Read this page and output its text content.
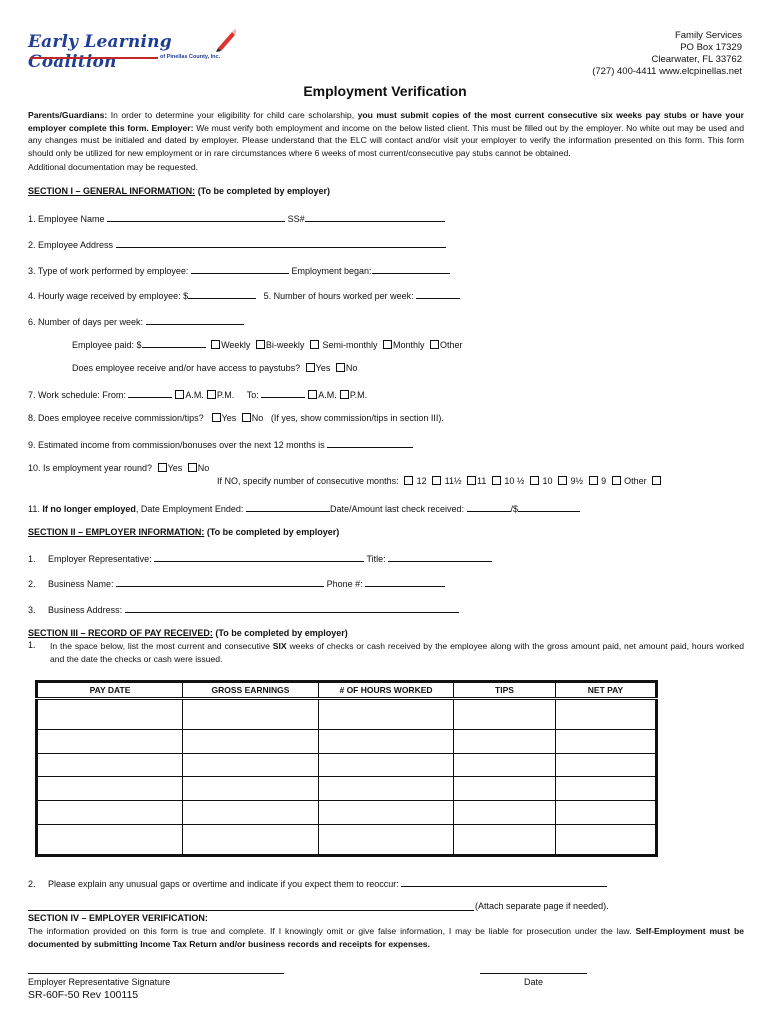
Early Learning Coalition	of Pinellas County, Inc.
Family Services
PO Box 17329
Clearwater, FL 33762
(727) 400-4411 www.elcpinellas.net
Employment Verification
Parents/Guardians: In order to determine your eligibility for child care scholarship, you must submit copies of the most current consecutive six weeks pay stubs or have your employer complete this form. Employer: We must verify both employment and income on the below listed client. This must be filled out by the employer. No white out may be used and any changes must be initialed and dated by employer. Please understand that the ELC will contact and/or visit your employer to verify the information presented on this form. This form should only be utilized for new employment or in rare circumstances where 6 weeks of most current/consecutive pay stubs cannot be obtained.
Additional documentation may be requested.
SECTION I – GENERAL INFORMATION: (To be completed by employer)
1. Employee Name	SS#
2. Employee Address
3. Type of work performed by employee:	Employment began:
4. Hourly wage received by employee: $	5. Number of hours worked per week:
6. Number of days per week:
Employee paid: $	Weekly Bi-weekly Semi-monthly Monthly Other
Does employee receive and/or have access to paystubs? Yes No
7. Work schedule: From:	A.M. P.M. To:	A.M. P.M.
8. Does employee receive commission/tips? Yes No (If yes, show commission/tips in section III).
9. Estimated income from commission/bonuses over the next 12 months is
10. Is employment year round? Yes No
If NO, specify number of consecutive months: 12 11½ 11 10 ½ 10 9½ 9 Other
11. If no longer employed, Date Employment Ended:	Date/Amount last check received:	/$
SECTION II – EMPLOYER INFORMATION: (To be completed by employer)
1. Employer Representative:	Title:
2. Business Name:	Phone #:
3. Business Address:
SECTION III – RECORD OF PAY RECEIVED: (To be completed by employer)
1. In the space below, list the most current and consecutive SIX weeks of checks or cash received by the employee along with the gross amount paid, net amount paid, hours worked and the date the checks or cash were issued.
PAY DATE	GROSS EARNINGS	# OF HOURS WORKED	TIPS	NET PAY

2. Please explain any unusual gaps or overtime and indicate if you expect them to reoccur:
(Attach separate page if needed).
SECTION IV – EMPLOYER VERIFICATION:
The information provided on this form is true and complete. If I knowingly omit or give false information, I may be liable for prosecution under the law. Self-Employment must be documented by submitting Income Tax Return and/or business records and receipts for expenses.
Employer Representative Signature	Date
SR-60F-50 Rev 100115
